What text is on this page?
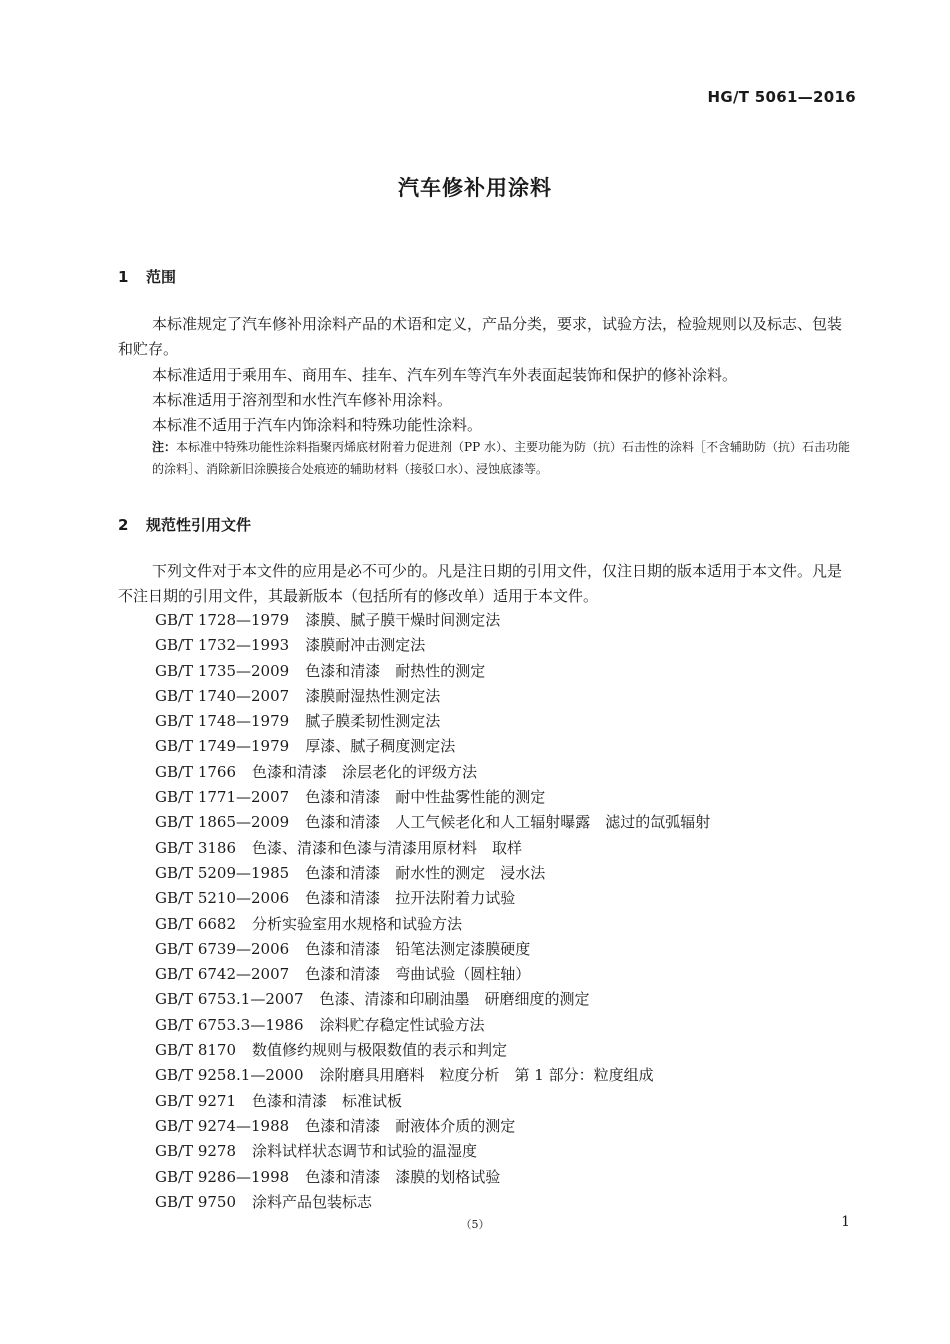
HG/T 5061—2016
汽车修补用涂料
1 范围
本标准规定了汽车修补用涂料产品的术语和定义，产品分类，要求，试验方法，检验规则以及标志、包装和贮存。
本标准适用于乘用车、商用车、挂车、汽车列车等汽车外表面起装饰和保护的修补涂料。
本标准适用于溶剂型和水性汽车修补用涂料。
本标准不适用于汽车内饰涂料和特殊功能性涂料。
注：本标准中特殊功能性涂料指聚丙烯底材附着力促进剂（PP 水）、主要功能为防（抗）石击性的涂料［不含辅助防（抗）石击功能的涂料］、消除新旧涂膜接合处痕迹的辅助材料（接驳口水）、浸蚀底漆等。
2 规范性引用文件
下列文件对于本文件的应用是必不可少的。凡是注日期的引用文件，仅注日期的版本适用于本文件。凡是不注日期的引用文件，其最新版本（包括所有的修改单）适用于本文件。
GB/T 1728—1979 漆膜、腻子膜干燥时间测定法
GB/T 1732—1993 漆膜耐冲击测定法
GB/T 1735—2009 色漆和清漆　耐热性的测定
GB/T 1740—2007 漆膜耐湿热性测定法
GB/T 1748—1979 腻子膜柔韧性测定法
GB/T 1749—1979 厚漆、腻子稠度测定法
GB/T 1766 色漆和清漆　涂层老化的评级方法
GB/T 1771—2007 色漆和清漆　耐中性盐雾性能的测定
GB/T 1865—2009 色漆和清漆　人工气候老化和人工辐射曝露　滤过的氙弧辐射
GB/T 3186 色漆、清漆和色漆与清漆用原材料　取样
GB/T 5209—1985 色漆和清漆　耐水性的测定　浸水法
GB/T 5210—2006 色漆和清漆　拉开法附着力试验
GB/T 6682 分析实验室用水规格和试验方法
GB/T 6739—2006 色漆和清漆　铅笔法测定漆膜硬度
GB/T 6742—2007 色漆和清漆　弯曲试验（圆柱轴）
GB/T 6753.1—2007 色漆、清漆和印刷油墨　研磨细度的测定
GB/T 6753.3—1986 涂料贮存稳定性试验方法
GB/T 8170 数值修约规则与极限数值的表示和判定
GB/T 9258.1—2000 涂附磨具用磨料　粒度分析　第 1 部分：粒度组成
GB/T 9271 色漆和清漆　标准试板
GB/T 9274—1988 色漆和清漆　耐液体介质的测定
GB/T 9278 涂料试样状态调节和试验的温湿度
GB/T 9286—1998 色漆和清漆　漆膜的划格试验
GB/T 9750 涂料产品包装标志
（5）	1
